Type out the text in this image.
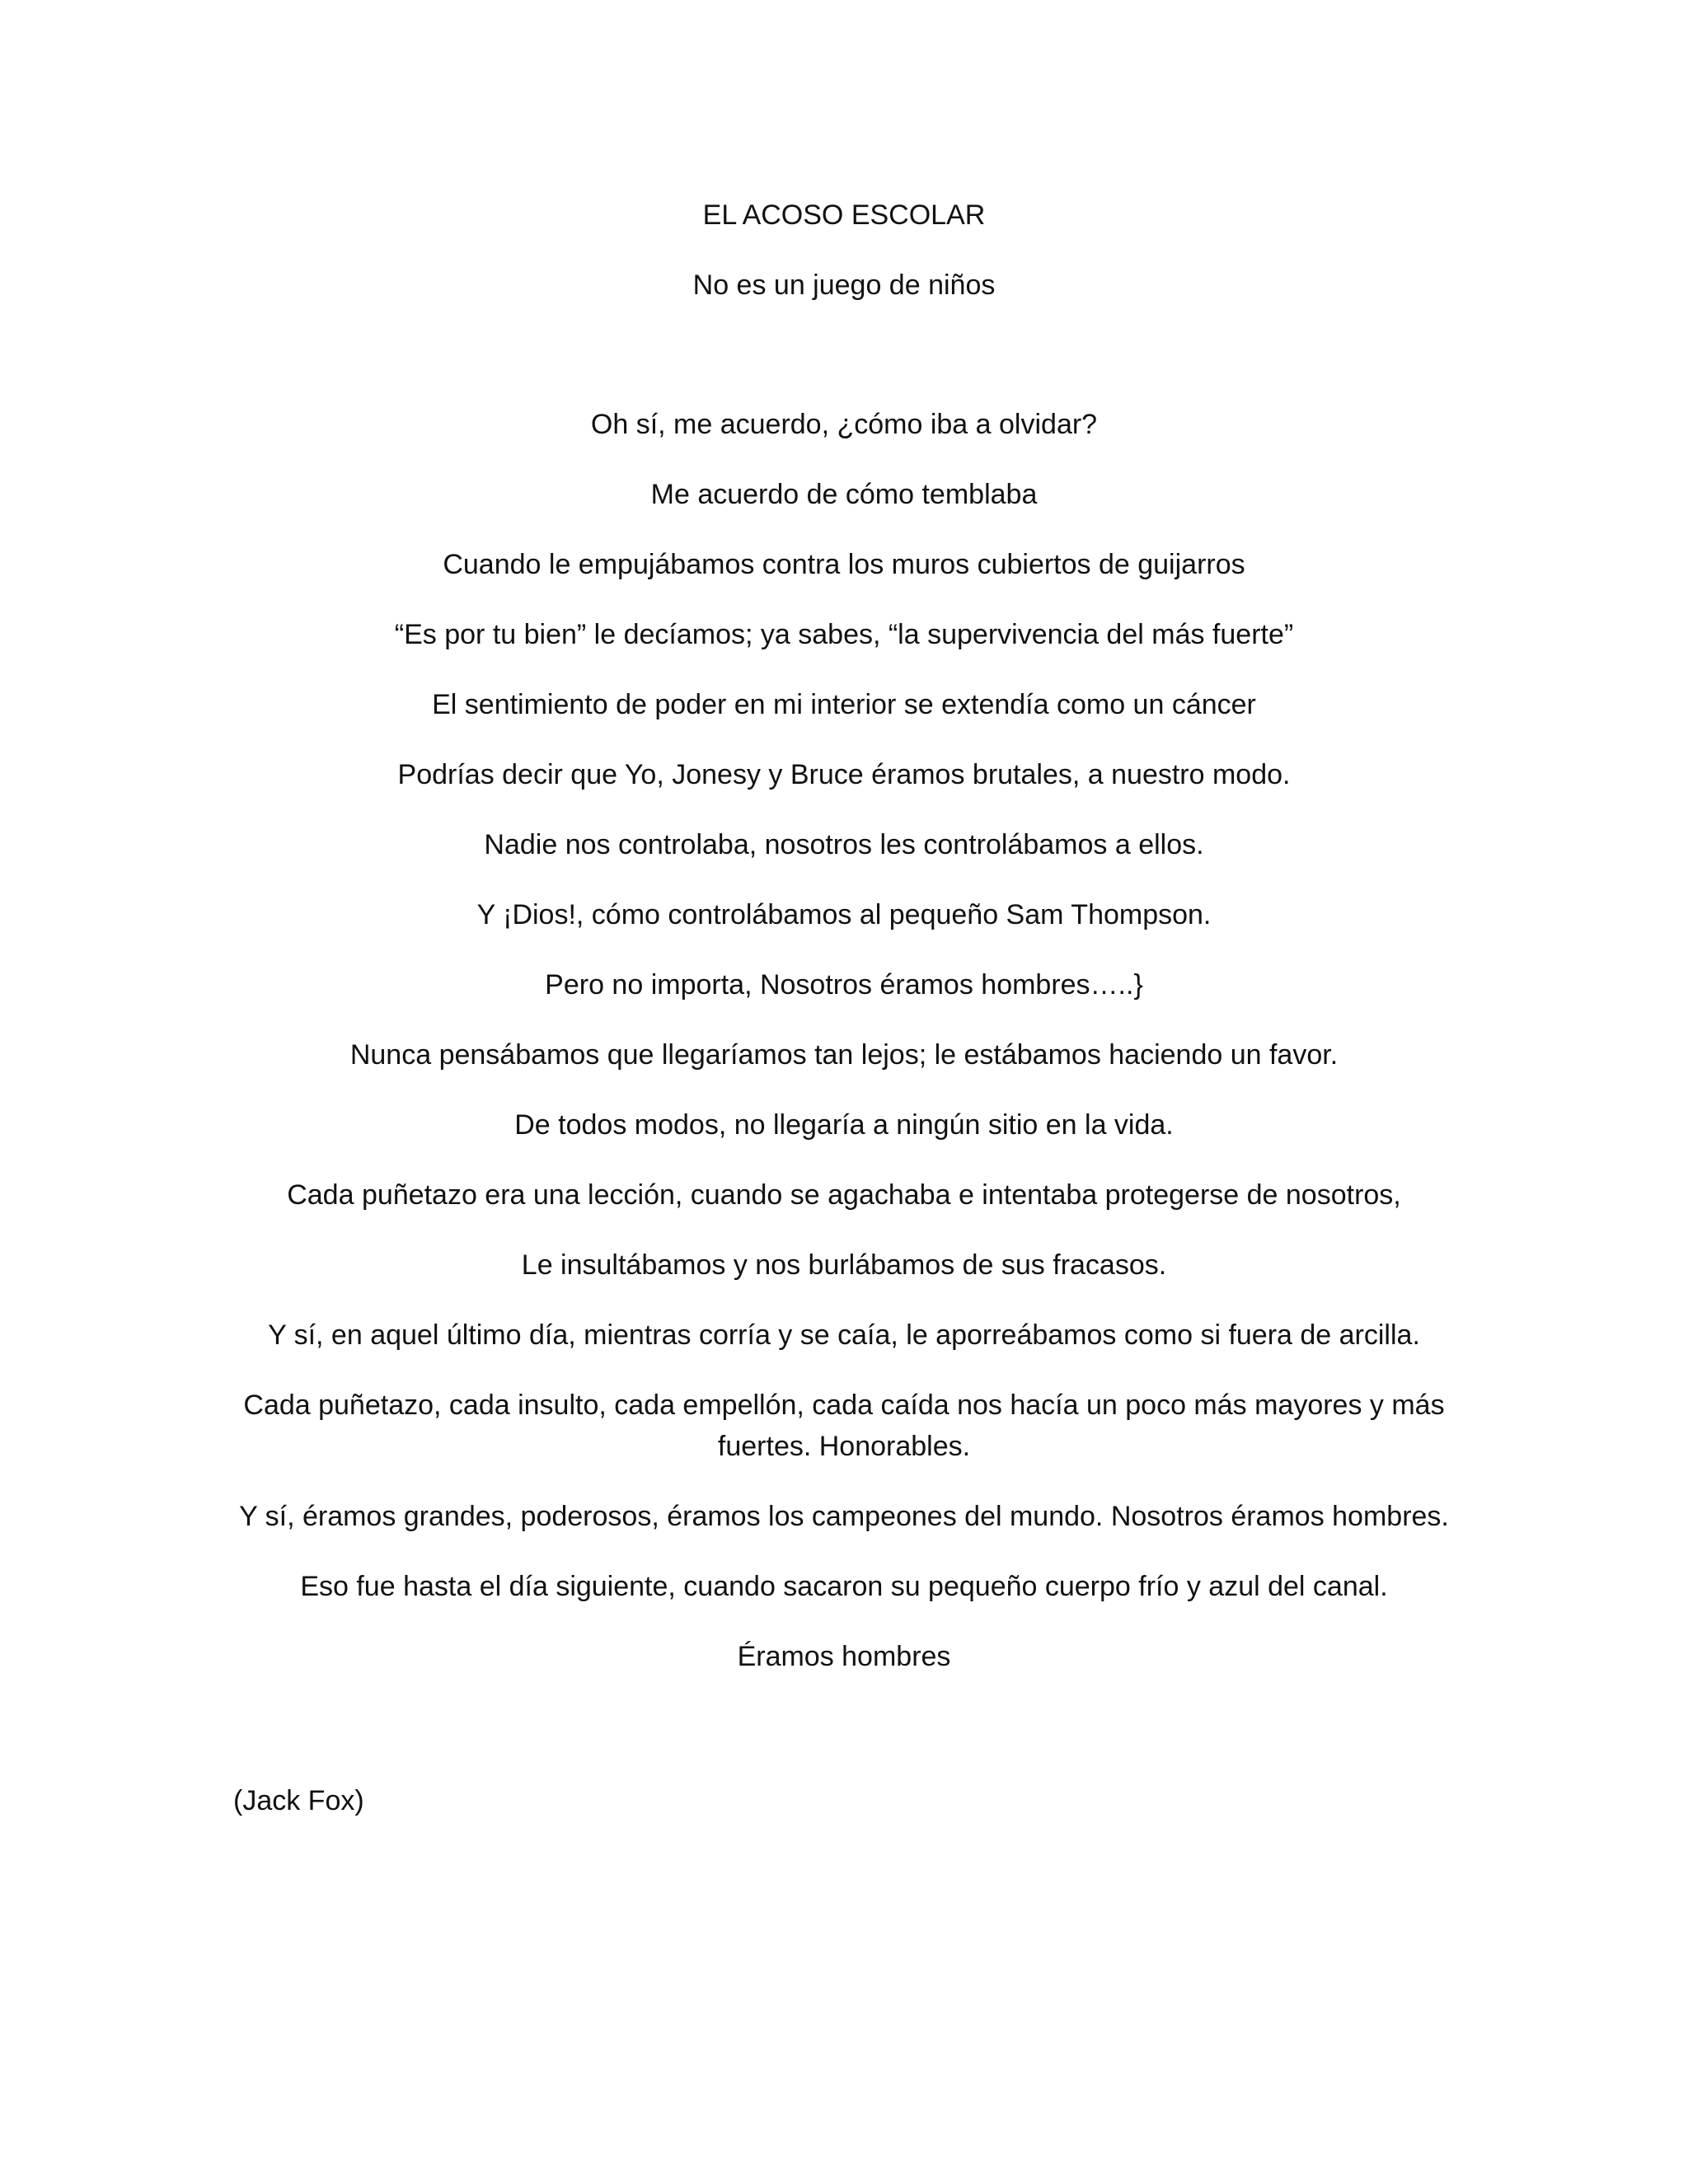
EL ACOSO ESCOLAR

No es un juego de niños

Oh sí, me acuerdo, ¿cómo iba a olvidar?

Me acuerdo de cómo temblaba

Cuando le empujábamos contra los muros cubiertos de guijarros

“Es por tu bien” le decíamos; ya sabes, “la supervivencia del más fuerte”

El sentimiento de poder en mi interior se extendía como un cáncer

Podrías decir que Yo, Jonesy y Bruce éramos brutales, a nuestro modo.

Nadie nos controlaba, nosotros les controlábamos a ellos.

Y ¡Dios!, cómo controlábamos al pequeño Sam Thompson.

Pero no importa, Nosotros éramos hombres…..}

Nunca pensábamos que llegaríamos tan lejos; le estábamos haciendo un favor.

De todos modos, no llegaría a ningún sitio en la vida.

Cada puñetazo era una lección, cuando se agachaba e intentaba protegerse de nosotros,

Le insultábamos y nos burlábamos de sus fracasos.

Y sí, en aquel último día, mientras corría y se caía, le aporreábamos como si fuera de arcilla.

Cada puñetazo, cada insulto, cada empellón, cada caída nos hacía un poco más mayores y más fuertes. Honorables.

Y sí, éramos grandes, poderosos, éramos los campeones del mundo. Nosotros éramos hombres.

Eso fue hasta el día siguiente, cuando sacaron su pequeño cuerpo frío y azul del canal.

Éramos hombres

(Jack Fox)
